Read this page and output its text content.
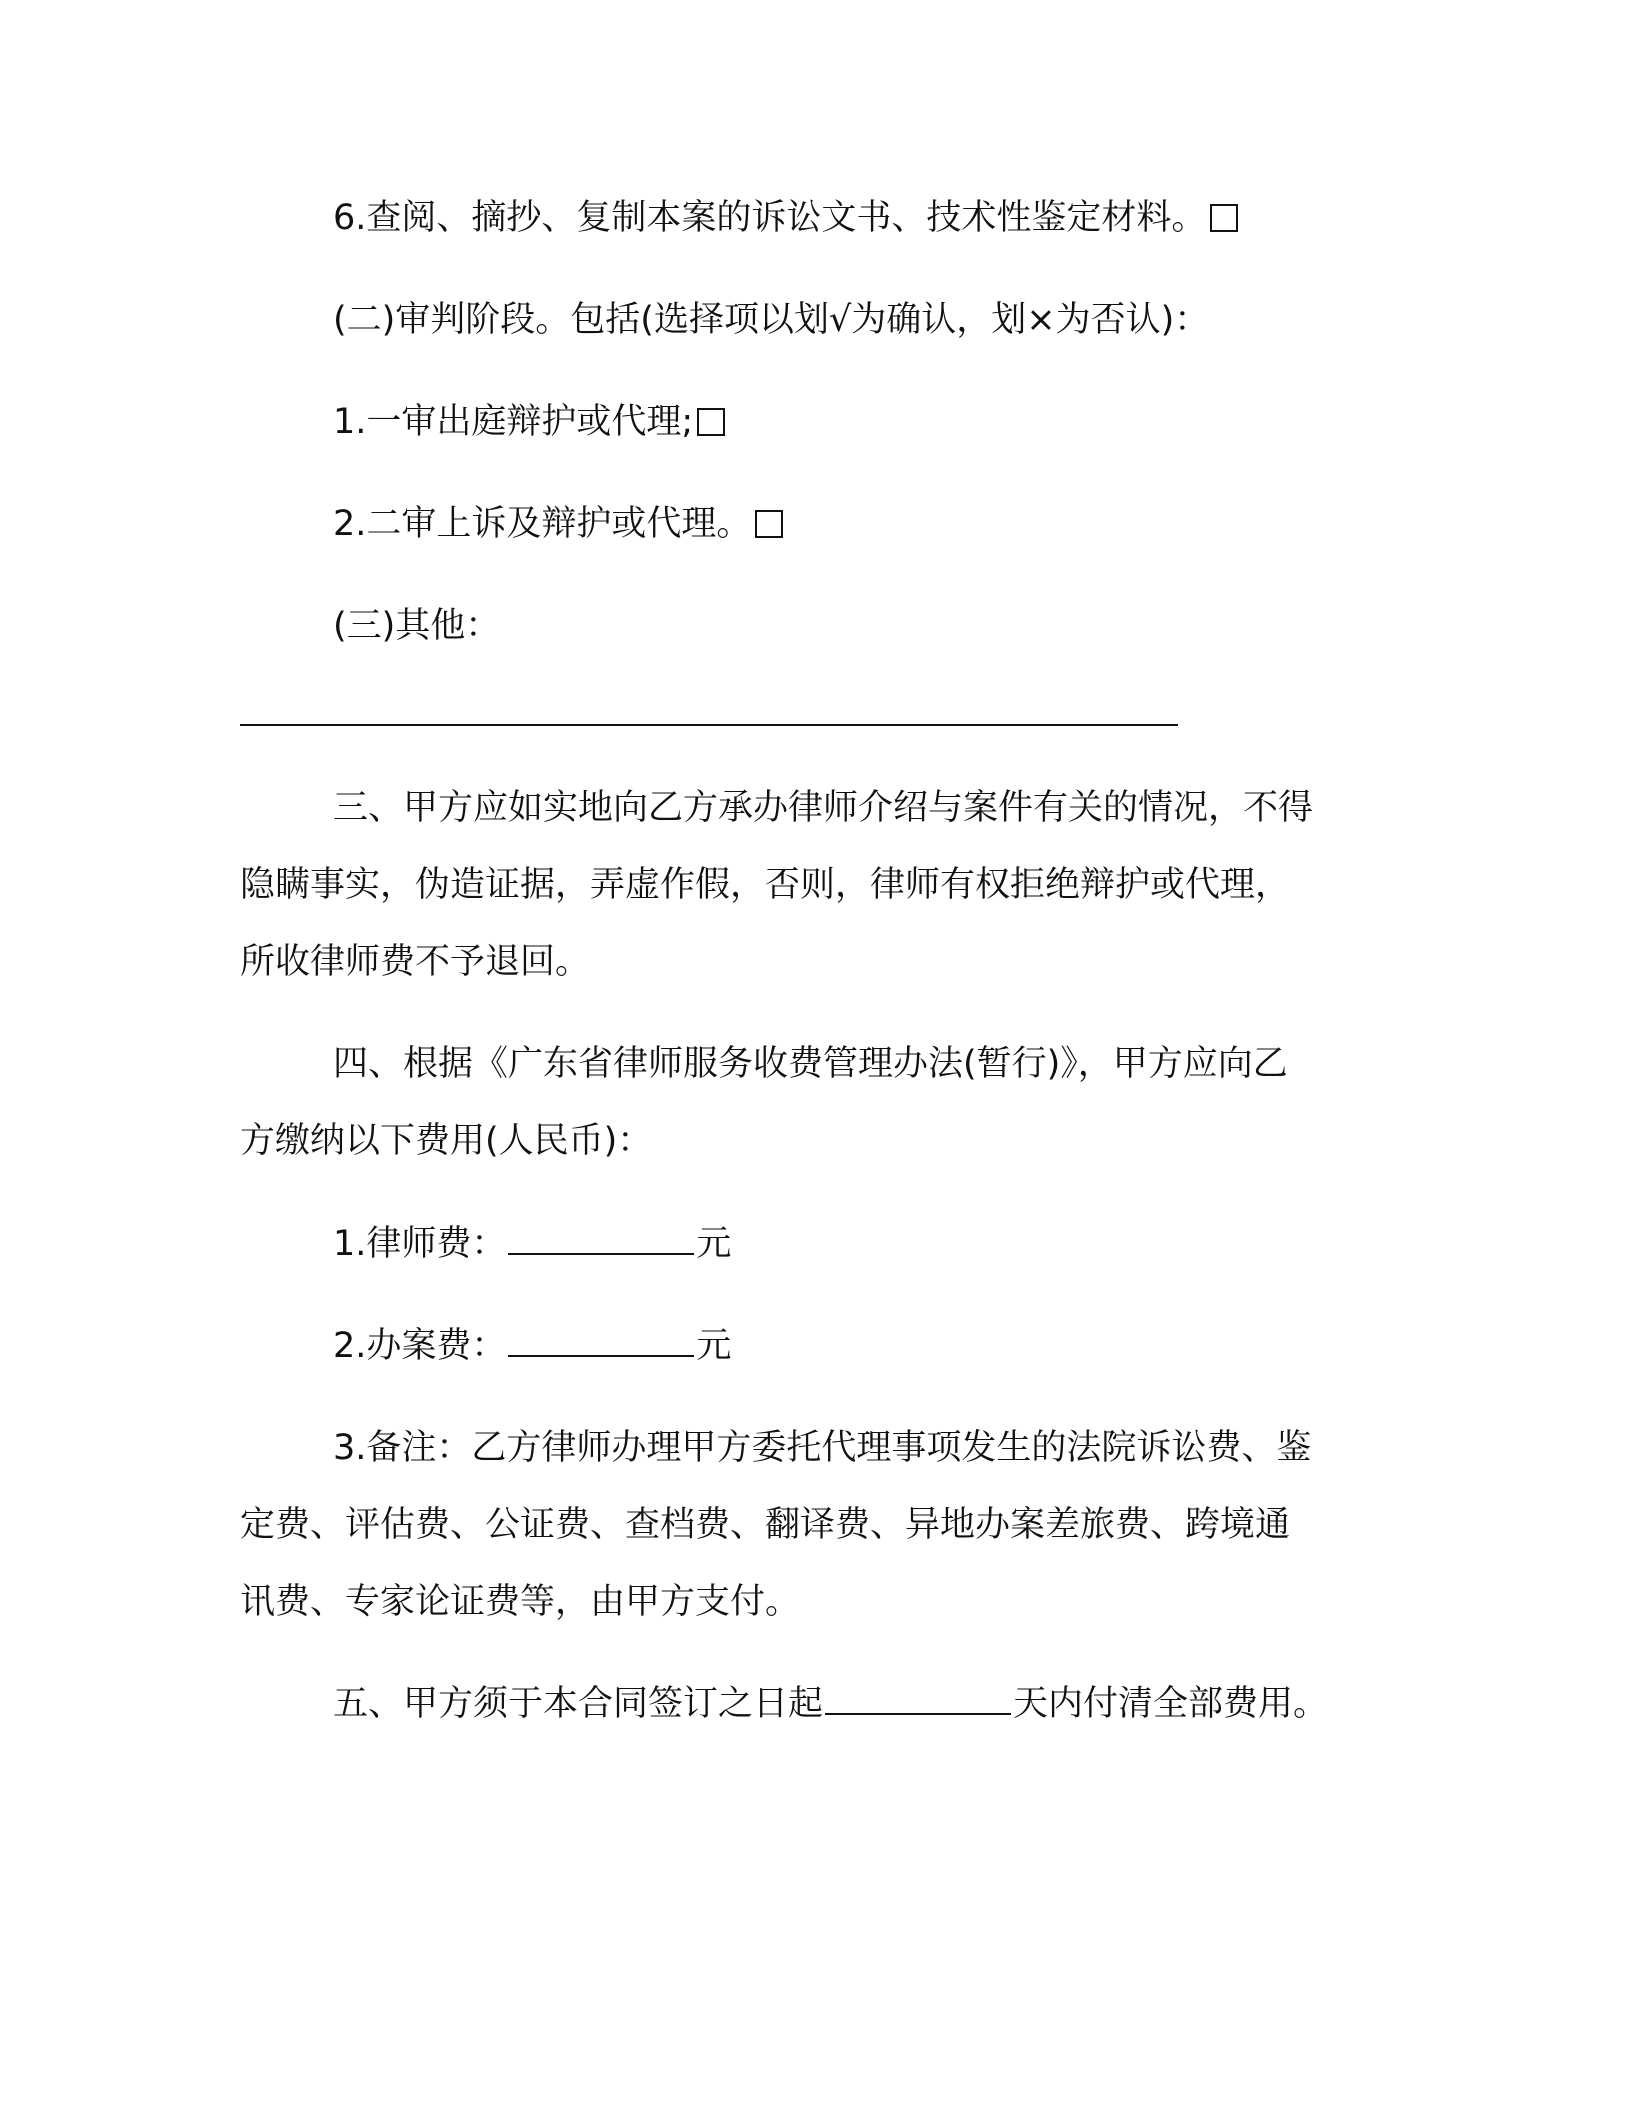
6.查阅、摘抄、复制本案的诉讼文书、技术性鉴定材料。
(二)审判阶段。包括(选择项以划√为确认，划×为否认)：
1.一审出庭辩护或代理;
2.二审上诉及辩护或代理。
(三)其他：
三、甲方应如实地向乙方承办律师介绍与案件有关的情况，不得
隐瞒事实，伪造证据，弄虚作假，否则，律师有权拒绝辩护或代理，
所收律师费不予退回。
四、根据《广东省律师服务收费管理办法(暂行)》，甲方应向乙
方缴纳以下费用(人民币)：
1.律师费：	元
2.办案费：	元
3.备注：乙方律师办理甲方委托代理事项发生的法院诉讼费、鉴
定费、评估费、公证费、查档费、翻译费、异地办案差旅费、跨境通
讯费、专家论证费等，由甲方支付。
五、甲方须于本合同签订之日起	天内付清全部费用。
